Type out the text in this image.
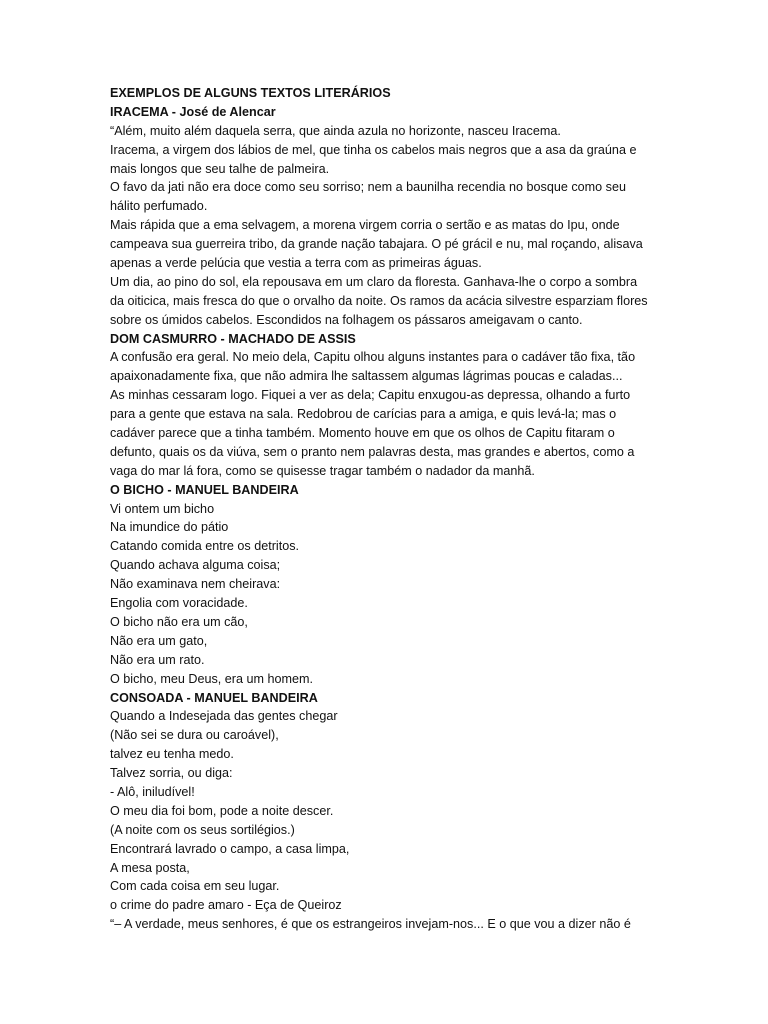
EXEMPLOS DE ALGUNS TEXTOS LITERÁRIOS
IRACEMA - José de Alencar
“Além, muito além daquela serra, que ainda azula no horizonte, nasceu Iracema.
Iracema, a virgem dos lábios de mel, que tinha os cabelos mais negros que a asa da graúna e
mais longos que seu talhe de palmeira.
O favo da jati não era doce como seu sorriso; nem a baunilha recendia no bosque como seu
hálito perfumado.
Mais rápida que a ema selvagem, a morena virgem corria o sertão e as matas do Ipu, onde
campeava sua guerreira tribo, da grande nação tabajara. O pé grácil e nu, mal roçando, alisava
apenas a verde pelúcia que vestia a terra com as primeiras águas.
Um dia, ao pino do sol, ela repousava em um claro da floresta. Ganhava-lhe o corpo a sombra
da oiticica, mais fresca do que o orvalho da noite. Os ramos da acácia silvestre esparziam flores
sobre os úmidos cabelos. Escondidos na folhagem os pássaros ameigavam o canto.
DOM CASMURRO - MACHADO DE ASSIS
A confusão era geral. No meio dela, Capitu olhou alguns instantes para o cadáver tão fixa, tão
apaixonadamente fixa, que não admira lhe saltassem algumas lágrimas poucas e caladas...
As minhas cessaram logo. Fiquei a ver as dela; Capitu enxugou-as depressa, olhando a furto
para a gente que estava na sala. Redobrou de carícias para a amiga, e quis levá-la; mas o
cadáver parece que a tinha também. Momento houve em que os olhos de Capitu fitaram o
defunto, quais os da viúva, sem o pranto nem palavras desta, mas grandes e abertos, como a
vaga do mar lá fora, como se quisesse tragar também o nadador da manhã.
O BICHO - MANUEL BANDEIRA
Vi ontem um bicho
Na imundice do pátio
Catando comida entre os detritos.
Quando achava alguma coisa;
Não examinava nem cheirava:
Engolia com voracidade.
O bicho não era um cão,
Não era um gato,
Não era um rato.
O bicho, meu Deus, era um homem.
CONSOADA - MANUEL BANDEIRA
Quando a Indesejada das gentes chegar
(Não sei se dura ou caroável),
talvez eu tenha medo.
Talvez sorria, ou diga:
- Alô, iniludível!
O meu dia foi bom, pode a noite descer.
(A noite com os seus sortilégios.)
Encontrará lavrado o campo, a casa limpa,
A mesa posta,
Com cada coisa em seu lugar.
o crime do padre amaro - Eça de Queiroz
“– A verdade, meus senhores, é que os estrangeiros invejam-nos... E o que vou a dizer não é
